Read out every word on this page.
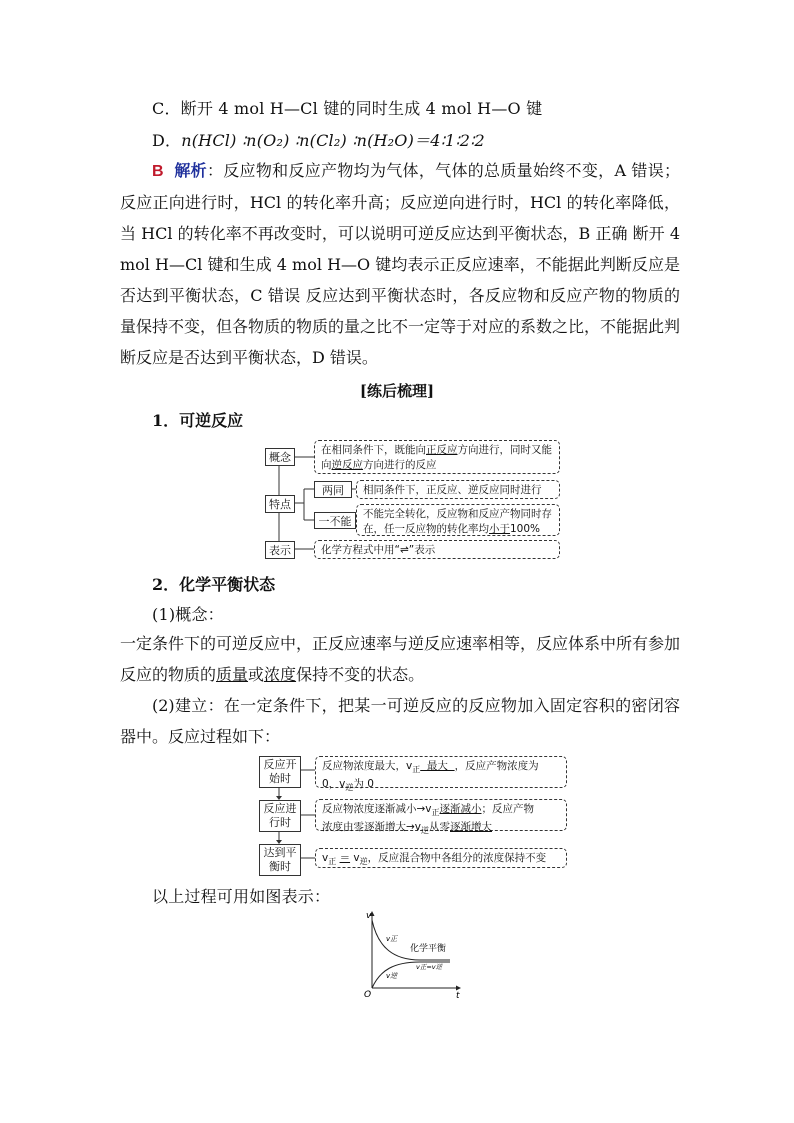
C．断开 4 mol H—Cl 键的同时生成 4 mol H—O 键
D．n(HCl) ∶n(O₂) ∶n(Cl₂) ∶n(H₂O)＝4∶1∶2∶2
B 解析：反应物和反应产物均为气体，气体的总质量始终不变，A 错误；反应正向进行时，HCl 的转化率升高；反应逆向进行时，HCl 的转化率降低，当 HCl 的转化率不再改变时，可以说明可逆反应达到平衡状态，B 正确 断开 4 mol H—Cl 键和生成 4 mol H—O 键均表示正反应速率，不能据此判断反应是否达到平衡状态，C 错误 反应达到平衡状态时，各反应物和反应产物的物质的量保持不变，但各物质的物质的量之比不一定等于对应的系数之比，不能据此判断反应是否达到平衡状态，D 错误。
[练后梳理]
1．可逆反应
概念
在相同条件下，既能向正反应方向进行，同时又能
向逆反应方向进行的反应
特点
两同	相同条件下，正反应、逆反应同时进行
一不能
不能完全转化，反应物和反应产物同时存
在，任一反应物的转化率均小于100%
表示	化学方程式中用“⇌”表示
2．化学平衡状态
(1)概念：
一定条件下的可逆反应中，正反应速率与逆反应速率相等，反应体系中所有参加反应的物质的质量或浓度保持不变的状态。
(2)建立：在一定条件下，把某一可逆反应的反应物加入固定容积的密闭容器中。反应过程如下：
反应开始时
反应物浓度最大，$v_正$  最大  ，反应产物浓度为
0，$v_逆$为 0
反应进行时
反应物浓度逐渐减小$\to v_正$逐渐减小；反应产物
浓度由零逐渐增大$\to v_逆$从零逐渐增大
达到平衡时
$v_正 = v_逆$，反应混合物中各组分的浓度保持不变
以上过程可用如图表示：
v
t
O
v正
v逆
化学平衡
v正=v逆
